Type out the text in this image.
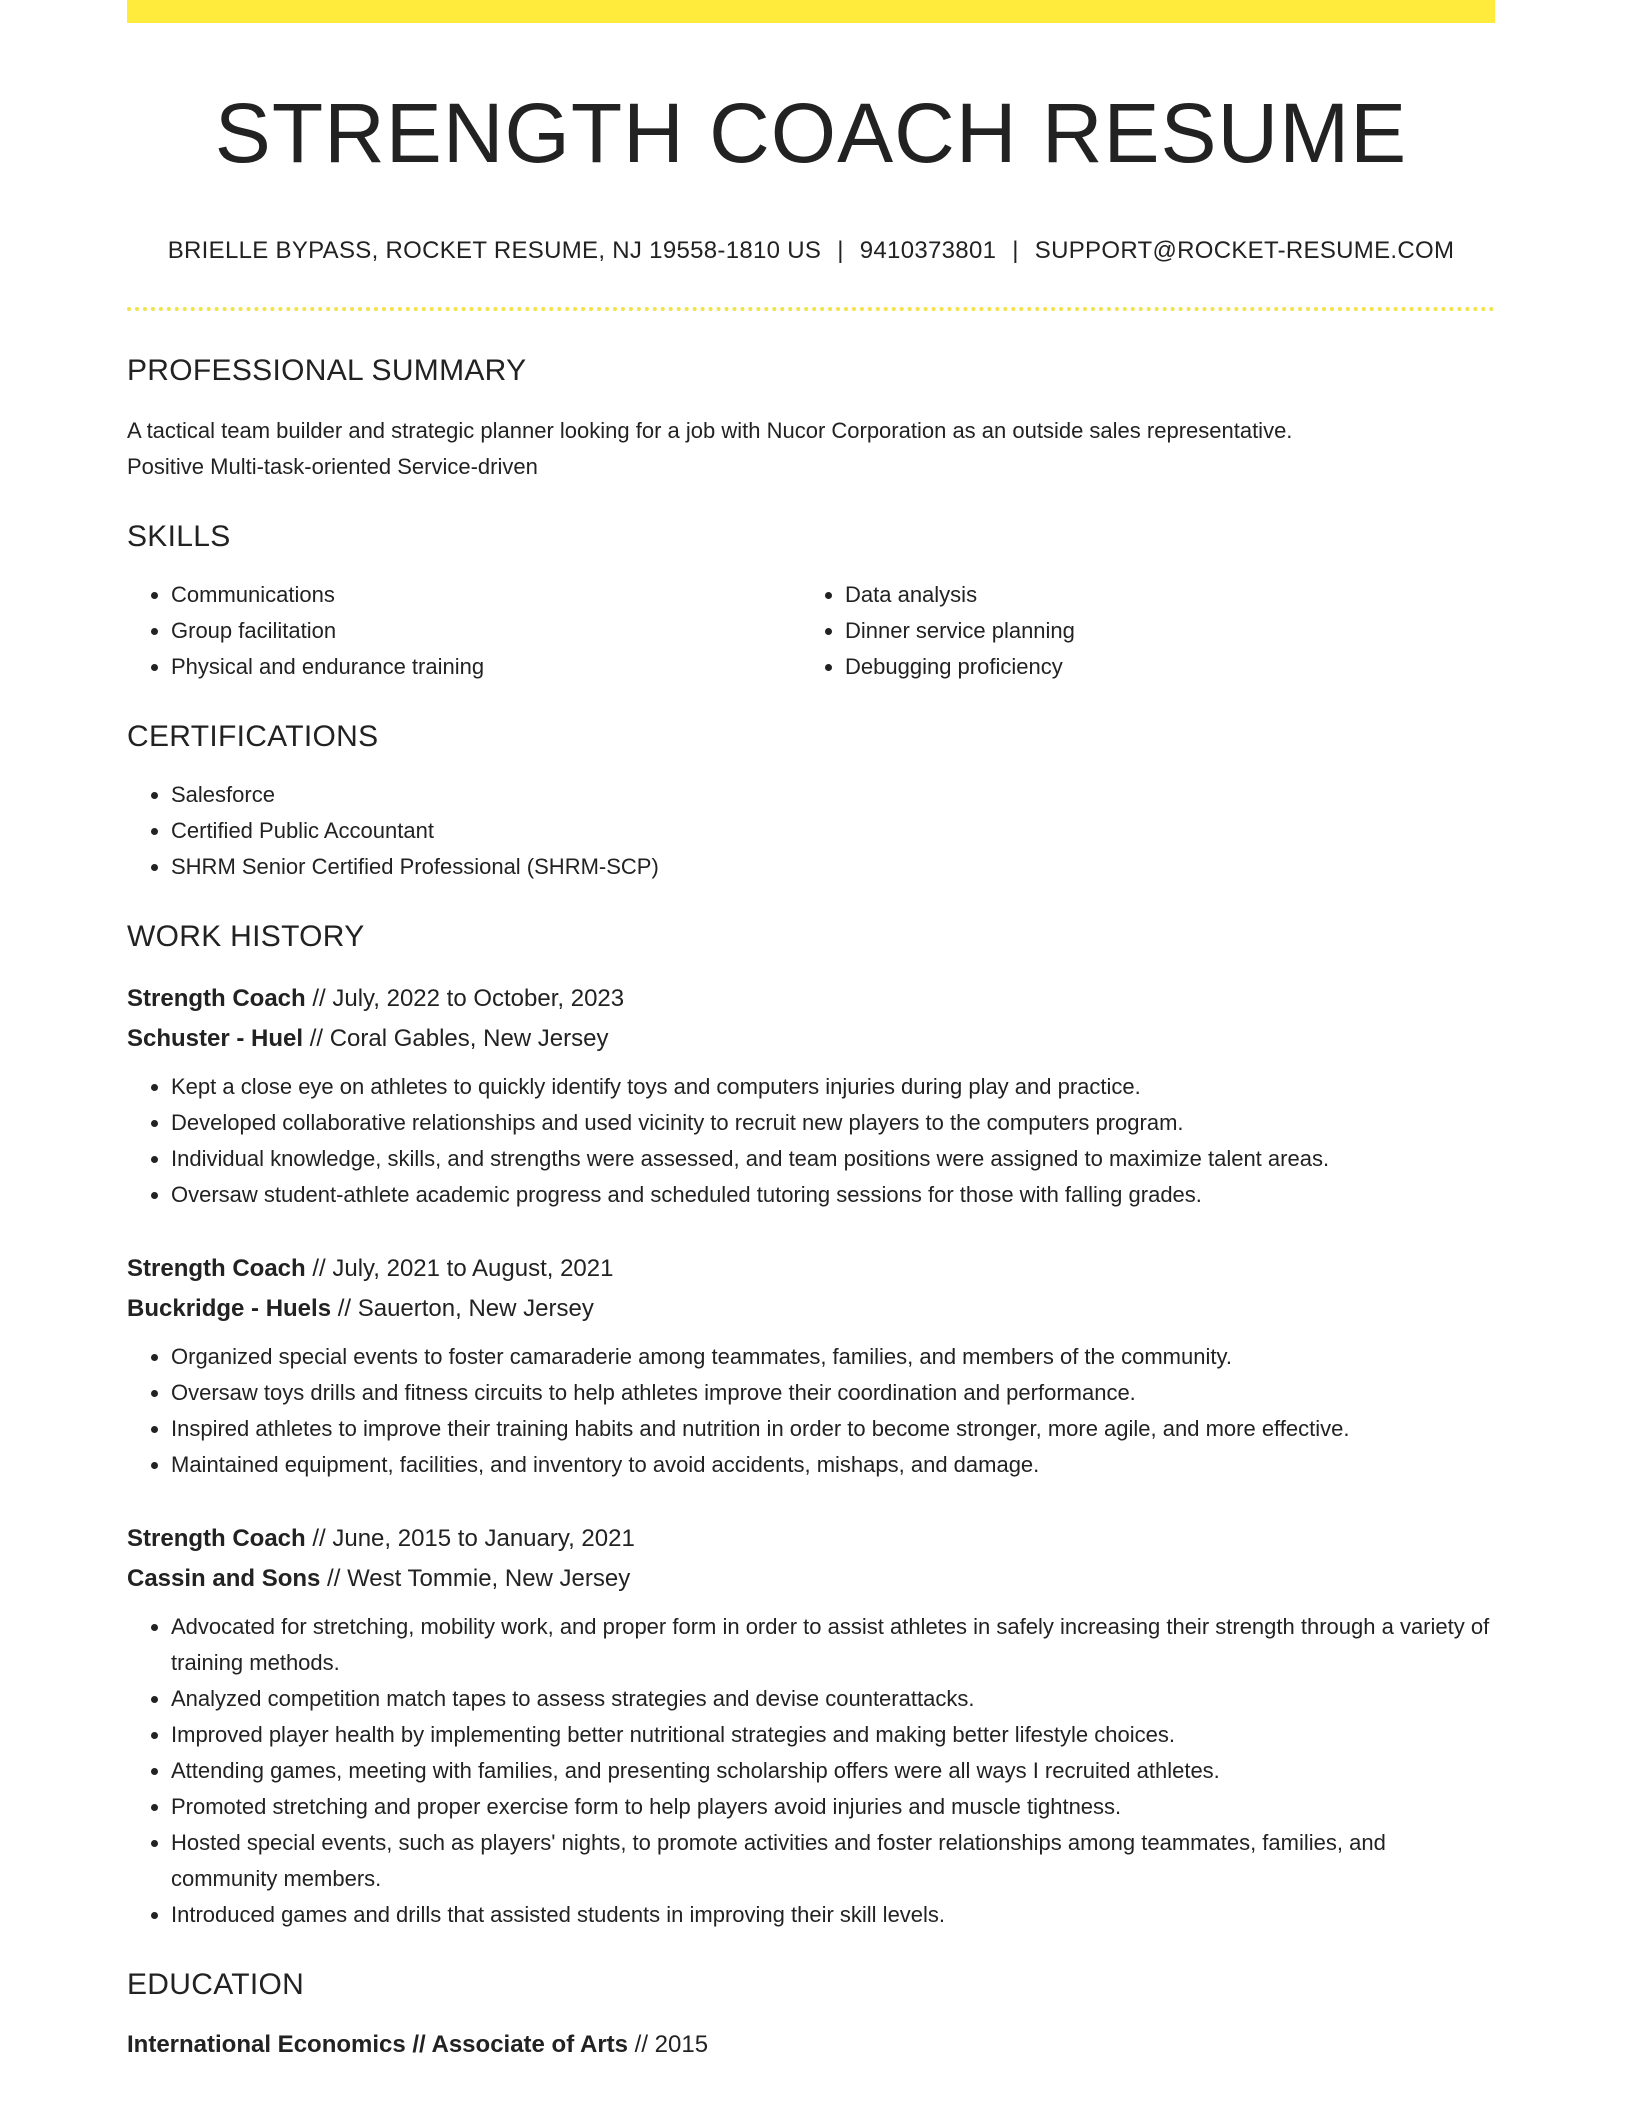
STRENGTH COACH RESUME
BRIELLE BYPASS, ROCKET RESUME, NJ 19558-1810 US | 9410373801 | SUPPORT@ROCKET-RESUME.COM
PROFESSIONAL SUMMARY
A tactical team builder and strategic planner looking for a job with Nucor Corporation as an outside sales representative.
Positive Multi-task-oriented Service-driven
SKILLS
• Communications
• Group facilitation
• Physical and endurance training
• Data analysis
• Dinner service planning
• Debugging proficiency
CERTIFICATIONS
• Salesforce
• Certified Public Accountant
• SHRM Senior Certified Professional (SHRM-SCP)
WORK HISTORY
Strength Coach // July, 2022 to October, 2023
Schuster - Huel // Coral Gables, New Jersey
• Kept a close eye on athletes to quickly identify toys and computers injuries during play and practice.
• Developed collaborative relationships and used vicinity to recruit new players to the computers program.
• Individual knowledge, skills, and strengths were assessed, and team positions were assigned to maximize talent areas.
• Oversaw student-athlete academic progress and scheduled tutoring sessions for those with falling grades.
Strength Coach // July, 2021 to August, 2021
Buckridge - Huels // Sauerton, New Jersey
• Organized special events to foster camaraderie among teammates, families, and members of the community.
• Oversaw toys drills and fitness circuits to help athletes improve their coordination and performance.
• Inspired athletes to improve their training habits and nutrition in order to become stronger, more agile, and more effective.
• Maintained equipment, facilities, and inventory to avoid accidents, mishaps, and damage.
Strength Coach // June, 2015 to January, 2021
Cassin and Sons // West Tommie, New Jersey
• Advocated for stretching, mobility work, and proper form in order to assist athletes in safely increasing their strength through a variety of training methods.
• Analyzed competition match tapes to assess strategies and devise counterattacks.
• Improved player health by implementing better nutritional strategies and making better lifestyle choices.
• Attending games, meeting with families, and presenting scholarship offers were all ways I recruited athletes.
• Promoted stretching and proper exercise form to help players avoid injuries and muscle tightness.
• Hosted special events, such as players' nights, to promote activities and foster relationships among teammates, families, and community members.
• Introduced games and drills that assisted students in improving their skill levels.
EDUCATION
International Economics // Associate of Arts // 2015
